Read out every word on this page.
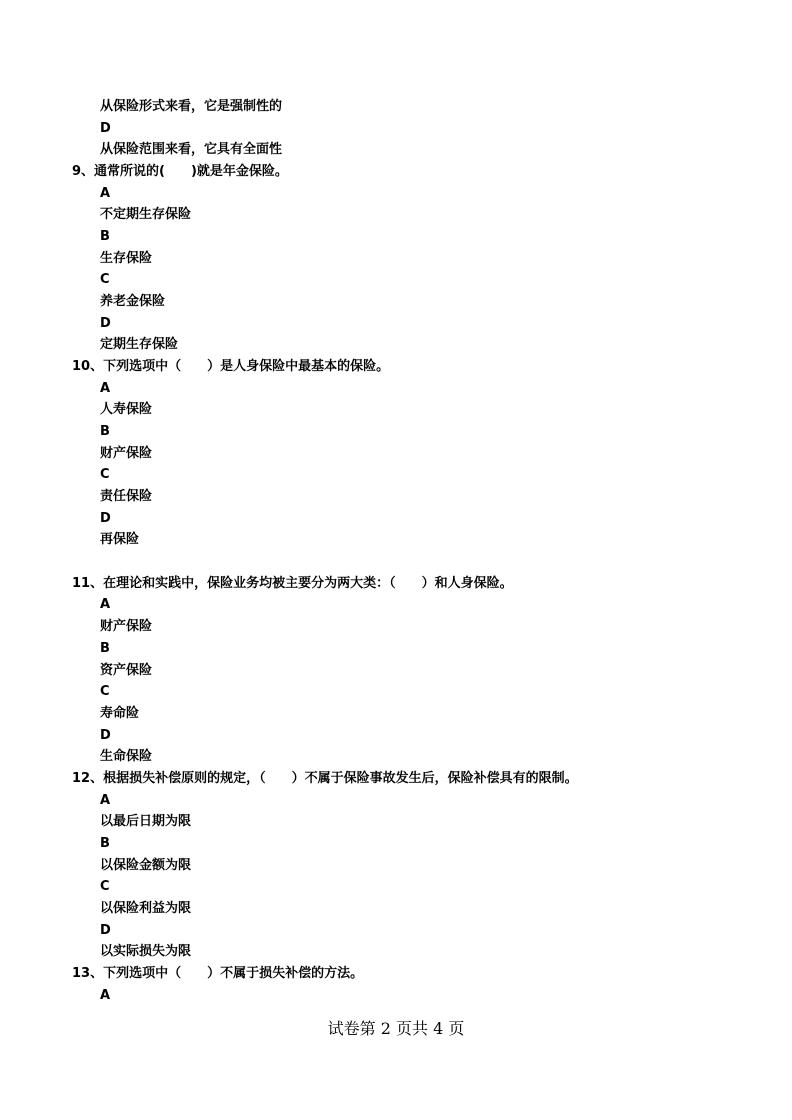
从保险形式来看，它是强制性的
D
从保险范围来看，它具有全面性
9、通常所说的(　　)就是年金保险。
A
不定期生存保险
B
生存保险
C
养老金保险
D
定期生存保险
10、下列选项中（　　）是人身保险中最基本的保险。
A
人寿保险
B
财产保险
C
责任保险
D
再保险
11、在理论和实践中，保险业务均被主要分为两大类：（　　）和人身保险。
A
财产保险
B
资产保险
C
寿命险
D
生命保险
12、根据损失补偿原则的规定，（　　）不属于保险事故发生后，保险补偿具有的限制。
A
以最后日期为限
B
以保险金额为限
C
以保险利益为限
D
以实际损失为限
13、下列选项中（　　）不属于损失补偿的方法。
A
试卷第 2 页共 4 页
